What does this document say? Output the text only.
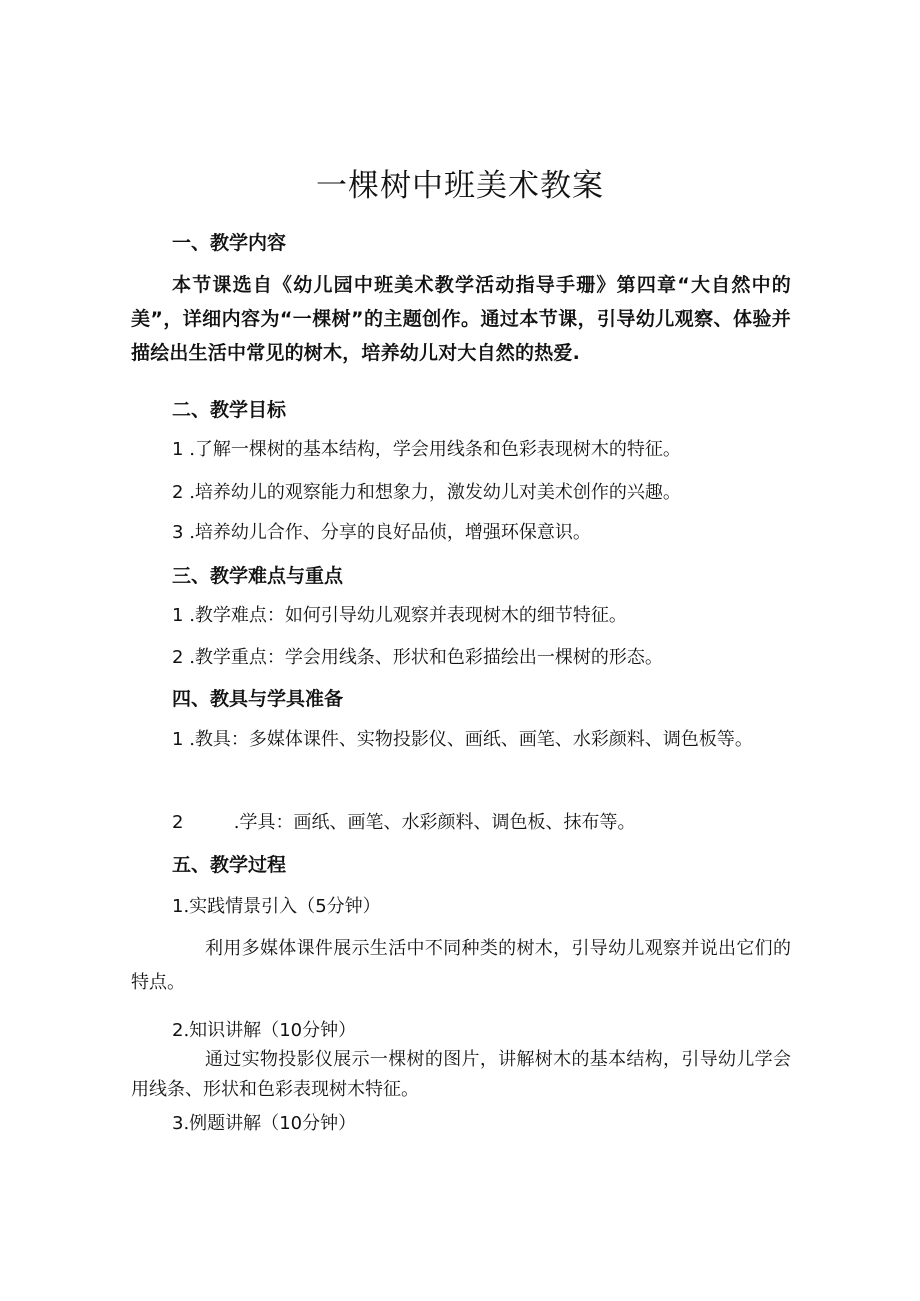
一棵树中班美术教案
一、教学内容
本节课选自《幼儿园中班美术教学活动指导手珊》第四章“大自然中的美”，详细内容为“一棵树”的主题创作。通过本节课，引导幼儿观察、体验并描绘出生活中常见的树木，培养幼儿对大自然的热爱.
二、教学目标
1 .了解一棵树的基本结构，学会用线条和色彩表现树木的特征。
2 .培养幼儿的观察能力和想象力，激发幼儿对美术创作的兴趣。
3 .培养幼儿合作、分享的良好品侦，增强环保意识。
三、教学难点与重点
1 .教学难点：如何引导幼儿观察并表现树木的细节特征。
2 .教学重点：学会用线条、形状和色彩描绘出一棵树的形态。
四、教具与学具准备
1 .教具：多媒体课件、实物投影仪、画纸、画笔、水彩颜料、调色板等。
2	.学具：画纸、画笔、水彩颜料、调色板、抹布等。
五、教学过程
1.实践情景引入（5分钟）
利用多媒体课件展示生活中不同种类的树木，引导幼儿观察并说出它们的特点。
2.知识讲解（10分钟）
通过实物投影仪展示一棵树的图片，讲解树木的基本结构，引导幼儿学会用线条、形状和色彩表现树木特征。
3.例题讲解（10分钟）
